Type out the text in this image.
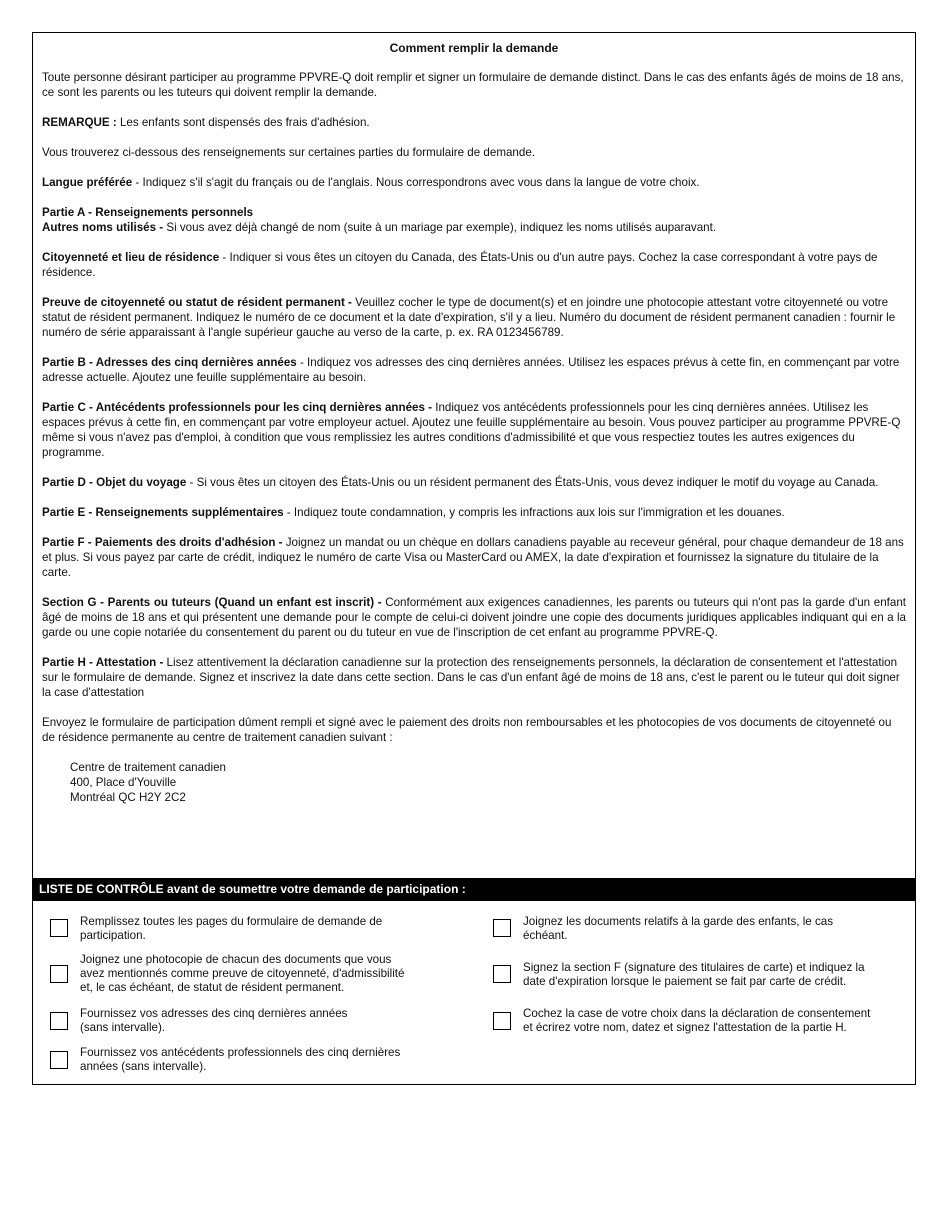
Comment remplir la demande

Toute personne désirant participer au programme PPVRE-Q doit remplir et signer un formulaire de demande distinct. Dans le cas des enfants âgés de moins de 18 ans, ce sont les parents ou les tuteurs qui doivent remplir la demande.

REMARQUE : Les enfants sont dispensés des frais d'adhésion.

Vous trouverez ci-dessous des renseignements sur certaines parties du formulaire de demande.

Langue préférée - Indiquez s'il s'agit du français ou de l'anglais. Nous correspondrons avec vous dans la langue de votre choix.

Partie A - Renseignements personnels

Autres noms utilisés - Si vous avez déjà changé de nom (suite à un mariage par exemple), indiquez les noms utilisés auparavant.

Citoyenneté et lieu de résidence - Indiquer si vous êtes un citoyen du Canada, des États-Unis ou d'un autre pays. Cochez la case correspondant à votre pays de résidence.

Preuve de citoyenneté ou statut de résident permanent - Veuillez cocher le type de document(s) et en joindre une photocopie attestant votre citoyenneté ou votre statut de résident permanent. Indiquez le numéro de ce document et la date d'expiration, s'il y a lieu. Numéro du document de résident permanent canadien : fournir le numéro de série apparaissant à l'angle supérieur gauche au verso de la carte, p. ex. RA 0123456789.

Partie B - Adresses des cinq dernières années - Indiquez vos adresses des cinq dernières années. Utilisez les espaces prévus à cette fin, en commençant par votre adresse actuelle. Ajoutez une feuille supplémentaire au besoin.

Partie C - Antécédents professionnels pour les cinq dernières années - Indiquez vos antécédents professionnels pour les cinq dernières années. Utilisez les espaces prévus à cette fin, en commençant par votre employeur actuel. Ajoutez une feuille supplémentaire au besoin. Vous pouvez participer au programme PPVRE-Q même si vous n'avez pas d'emploi, à condition que vous remplissiez les autres conditions d'admissibilité et que vous respectiez toutes les autres exigences du programme.

Partie D - Objet du voyage - Si vous êtes un citoyen des États-Unis ou un résident permanent des États-Unis, vous devez indiquer le motif du voyage au Canada.

Partie E - Renseignements supplémentaires - Indiquez toute condamnation, y compris les infractions aux lois sur l'immigration et les douanes.

Partie F - Paiements des droits d'adhésion - Joignez un mandat ou un chèque en dollars canadiens payable au receveur général, pour chaque demandeur de 18 ans et plus. Si vous payez par carte de crédit, indiquez le numéro de carte Visa ou MasterCard ou AMEX, la date d'expiration et fournissez la signature du titulaire de la carte.

Section G - Parents ou tuteurs (Quand un enfant est inscrit) - Conformément aux exigences canadiennes, les parents ou tuteurs qui n'ont pas la garde d'un enfant âgé de moins de 18 ans et qui présentent une demande pour le compte de celui-ci doivent joindre une copie des documents juridiques applicables indiquant qui en a la garde ou une copie notariée du consentement du parent ou du tuteur en vue de l'inscription de cet enfant au programme PPVRE-Q.

Partie H - Attestation - Lisez attentivement la déclaration canadienne sur la protection des renseignements personnels, la déclaration de consentement et l'attestation sur le formulaire de demande. Signez et inscrivez la date dans cette section. Dans le cas d'un enfant âgé de moins de 18 ans, c'est le parent ou le tuteur qui doit signer la case d'attestation

Envoyez le formulaire de participation dûment rempli et signé avec le paiement des droits non remboursables et les photocopies de vos documents de citoyenneté ou de résidence permanente au centre de traitement canadien suivant :

Centre de traitement canadien
400, Place d'Youville
Montréal QC H2Y 2C2
LISTE DE CONTRÔLE avant de soumettre votre demande de participation :
Remplissez toutes les pages du formulaire de demande de
participation.
Joignez une photocopie de chacun des documents que vous
avez mentionnés comme preuve de citoyenneté, d'admissibilité
et, le cas échéant, de statut de résident permanent.
Fournissez vos adresses des cinq dernières années
(sans intervalle).
Fournissez vos antécédents professionnels des cinq dernières
années (sans intervalle).
Joignez les documents relatifs à la garde des enfants, le cas
échéant.
Signez la section F (signature des titulaires de carte) et indiquez la
date d'expiration lorsque le paiement se fait par carte de crédit.
Cochez la case de votre choix dans la déclaration de consentement
et écrirez votre nom, datez et signez l'attestation de la partie H.
